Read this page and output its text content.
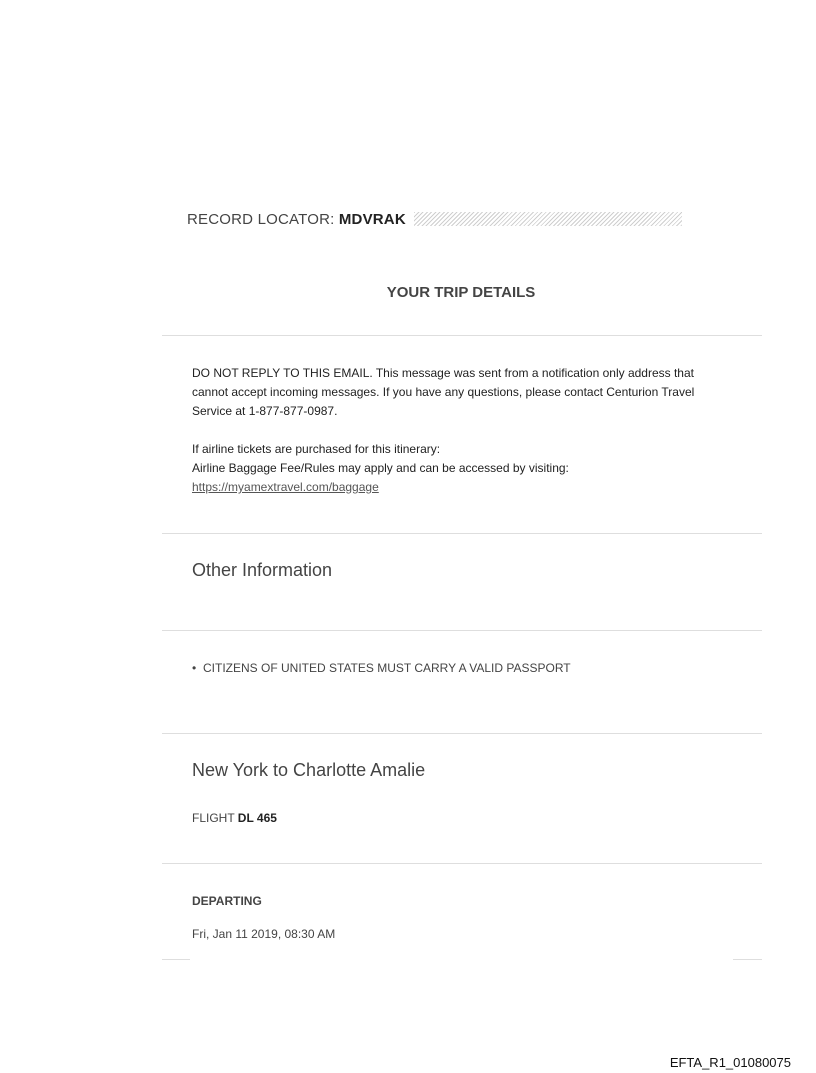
RECORD LOCATOR: MDVRAK
YOUR TRIP DETAILS

DO NOT REPLY TO THIS EMAIL. This message was sent from a notification only address that

cannot accept incoming messages. If you have any questions, please contact Centurion Travel

Service at 1-877-877-0987.

If airline tickets are purchased for this itinerary:

Airline Baggage Fee/Rules may apply and can be accessed by visiting:

https://myamextravel.com/baggage

Other Information
• CITIZENS OF UNITED STATES MUST CARRY A VALID PASSPORT
New York to Charlotte Amalie
FLIGHT DL 465
DEPARTING
Fri, Jan 11 2019, 08:30 AM
EFTA_R1_01080075
